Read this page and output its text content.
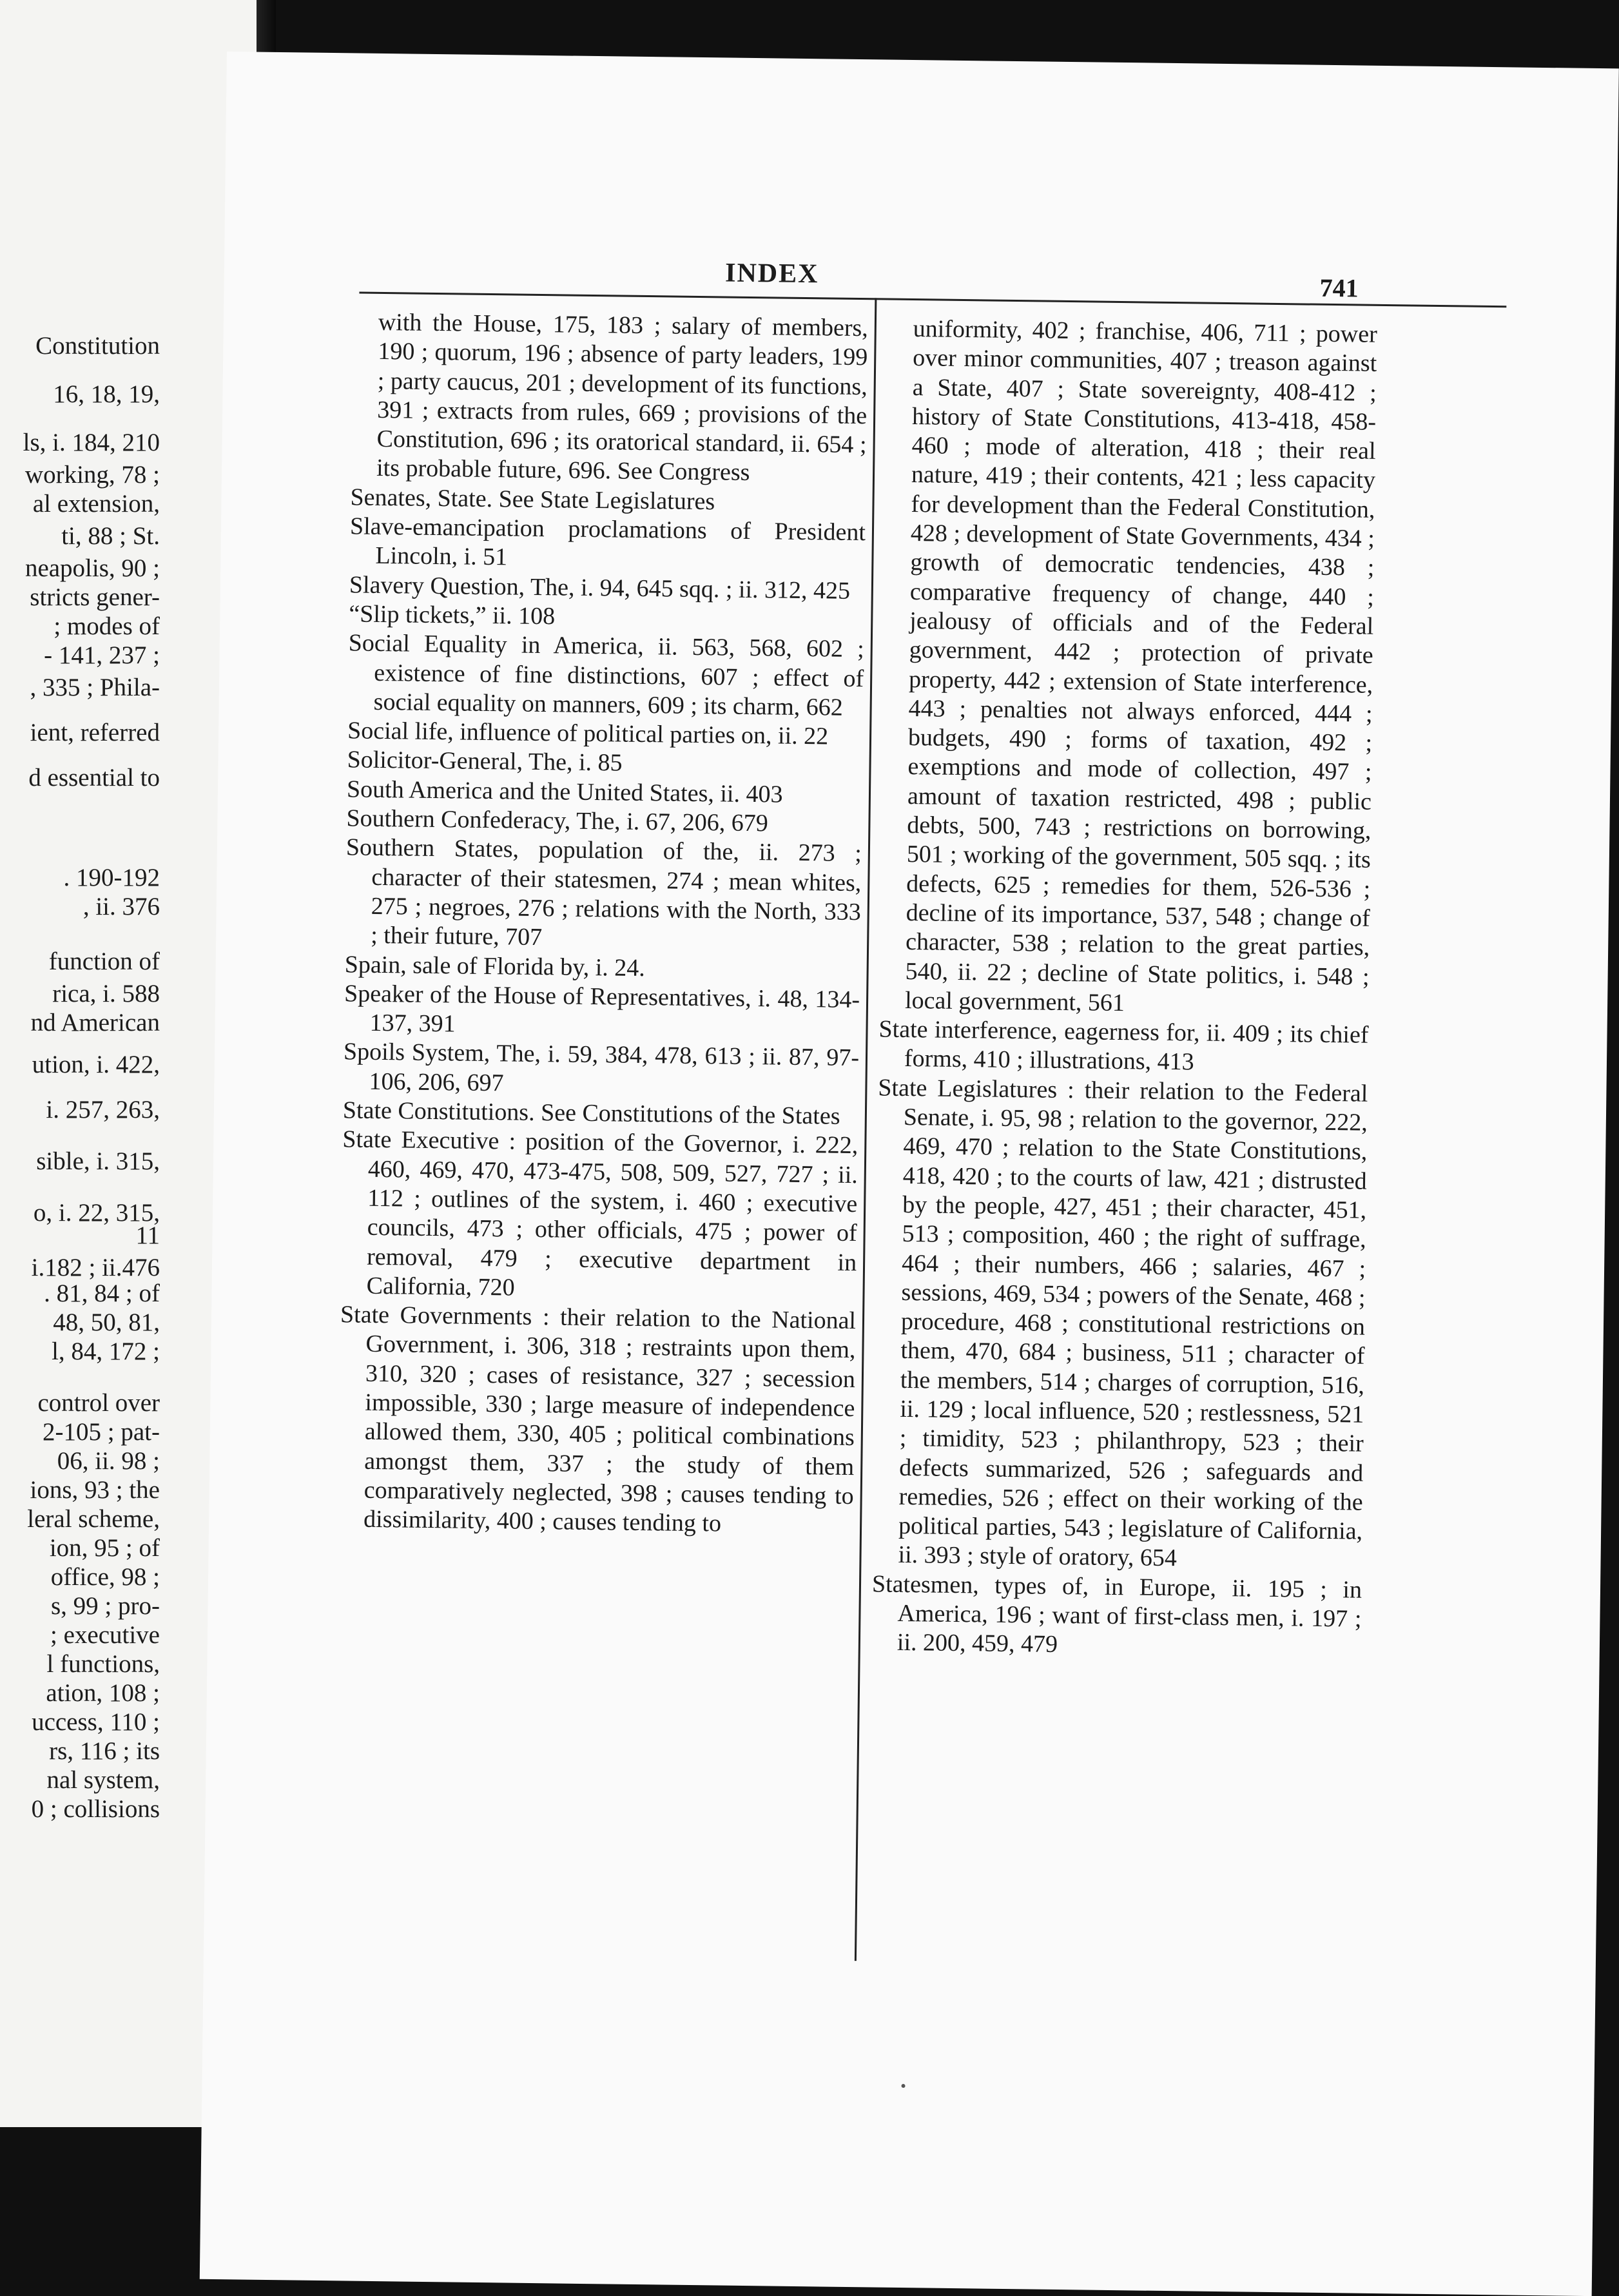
Constitution
16, 18, 19,
ls, i. 184, 210
working, 78 ;
al extension,
ti, 88 ; St.
neapolis, 90 ;
stricts gener-
; modes of
- 141, 237 ;
, 335 ; Phila-
ient, referred
d essential to
. 190-192
, ii. 376
function of
rica, i. 588
nd American
ution, i. 422,
i. 257, 263,
sible, i. 315,
o, i. 22, 315,
11
i.182 ; ii.476
. 81, 84 ; of
48, 50, 81,
l, 84, 172 ;
control over
2-105 ; pat-
06, ii. 98 ;
ions, 93 ; the
leral scheme,
ion, 95 ; of
office, 98 ;
s, 99 ; pro-
; executive
l functions,
ation, 108 ;
uccess, 110 ;
rs, 116 ; its
nal system,
0 ; collisions
INDEX	741

with the House, 175, 183 ; salary of members, 190 ; quorum, 196 ; absence of party leaders, 199 ; party caucus, 201 ; development of its functions, 391 ; extracts from rules, 669 ; provisions of the Constitution, 696 ; its oratorical standard, ii. 654 ; its probable future, 696. See Congress

Senates, State. See State Legislatures

Slave-emancipation proclamations of President Lincoln, i. 51

Slavery Question, The, i. 94, 645 sqq. ; ii. 312, 425

“Slip tickets,” ii. 108

Social Equality in America, ii. 563, 568, 602 ; existence of fine distinctions, 607 ; effect of social equality on manners, 609 ; its charm, 662

Social life, influence of political parties on, ii. 22

Solicitor-General, The, i. 85

South America and the United States, ii. 403

Southern Confederacy, The, i. 67, 206, 679

Southern States, population of the, ii. 273 ; character of their statesmen, 274 ; mean whites, 275 ; negroes, 276 ; relations with the North, 333 ; their future, 707

Spain, sale of Florida by, i. 24.

Speaker of the House of Representatives, i. 48, 134-137, 391

Spoils System, The, i. 59, 384, 478, 613 ; ii. 87, 97-106, 206, 697

State Constitutions. See Constitutions of the States

State Executive : position of the Governor, i. 222, 460, 469, 470, 473-475, 508, 509, 527, 727 ; ii. 112 ; outlines of the system, i. 460 ; executive councils, 473 ; other officials, 475 ; power of removal, 479 ; executive department in California, 720

State Governments : their relation to the National Government, i. 306, 318 ; restraints upon them, 310, 320 ; cases of resistance, 327 ; secession impossible, 330 ; large measure of independence allowed them, 330, 405 ; political combinations amongst them, 337 ; the study of them comparatively neglected, 398 ; causes tending to dissimilarity, 400 ; causes tending to

uniformity, 402 ; franchise, 406, 711 ; power over minor communities, 407 ; treason against a State, 407 ; State sovereignty, 408-412 ; history of State Constitutions, 413-418, 458-460 ; mode of alteration, 418 ; their real nature, 419 ; their contents, 421 ; less capacity for development than the Federal Constitution, 428 ; development of State Governments, 434 ; growth of democratic tendencies, 438 ; comparative frequency of change, 440 ; jealousy of officials and of the Federal government, 442 ; protection of private property, 442 ; extension of State interference, 443 ; penalties not always enforced, 444 ; budgets, 490 ; forms of taxation, 492 ; exemptions and mode of collection, 497 ; amount of taxation restricted, 498 ; public debts, 500, 743 ; restrictions on borrowing, 501 ; working of the government, 505 sqq. ; its defects, 625 ; remedies for them, 526-536 ; decline of its importance, 537, 548 ; change of character, 538 ; relation to the great parties, 540, ii. 22 ; decline of State politics, i. 548 ; local government, 561

State interference, eagerness for, ii. 409 ; its chief forms, 410 ; illustrations, 413

State Legislatures : their relation to the Federal Senate, i. 95, 98 ; relation to the governor, 222, 469, 470 ; relation to the State Constitutions, 418, 420 ; to the courts of law, 421 ; distrusted by the people, 427, 451 ; their character, 451, 513 ; composition, 460 ; the right of suffrage, 464 ; their numbers, 466 ; salaries, 467 ; sessions, 469, 534 ; powers of the Senate, 468 ; procedure, 468 ; constitutional restrictions on them, 470, 684 ; business, 511 ; character of the members, 514 ; charges of corruption, 516, ii. 129 ; local influence, 520 ; restlessness, 521 ; timidity, 523 ; philanthropy, 523 ; their defects summarized, 526 ; safeguards and remedies, 526 ; effect on their working of the political parties, 543 ; legislature of California, ii. 393 ; style of oratory, 654

Statesmen, types of, in Europe, ii. 195 ; in America, 196 ; want of first-class men, i. 197 ; ii. 200, 459, 479
